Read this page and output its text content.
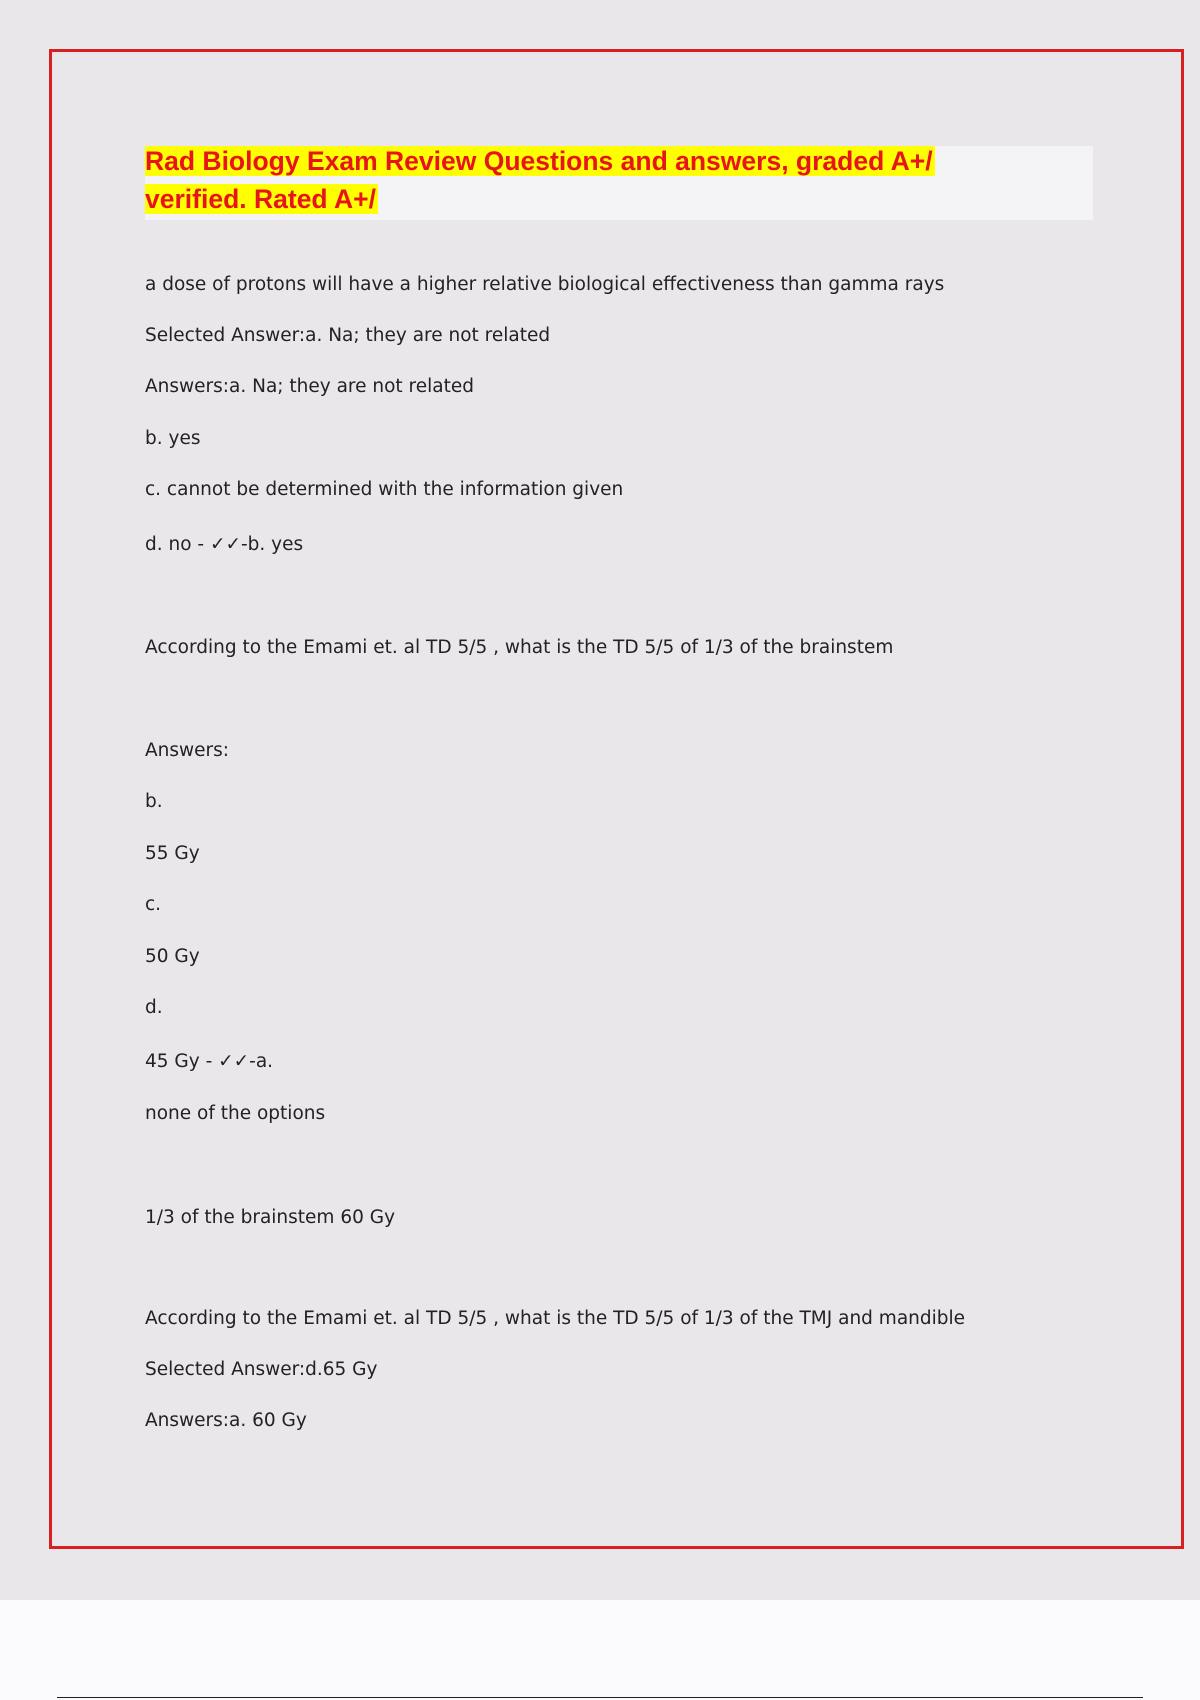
Rad Biology Exam Review Questions and answers, graded A+/
verified. Rated A+/

a dose of protons will have a higher relative biological effectiveness than gamma rays

Selected Answer:a. Na; they are not related

Answers:a. Na; they are not related

b. yes

c. cannot be determined with the information given

d. no - ✓✓-b. yes

According to the Emami et. al TD 5/5 , what is the TD 5/5 of 1/3 of the brainstem

Answers:

b.

55 Gy

c.

50 Gy

d.

45 Gy - ✓✓-a.

none of the options

1/3 of the brainstem 60 Gy

According to the Emami et. al TD 5/5 , what is the TD 5/5 of 1/3 of the TMJ and mandible

Selected Answer:d.65 Gy

Answers:a. 60 Gy
